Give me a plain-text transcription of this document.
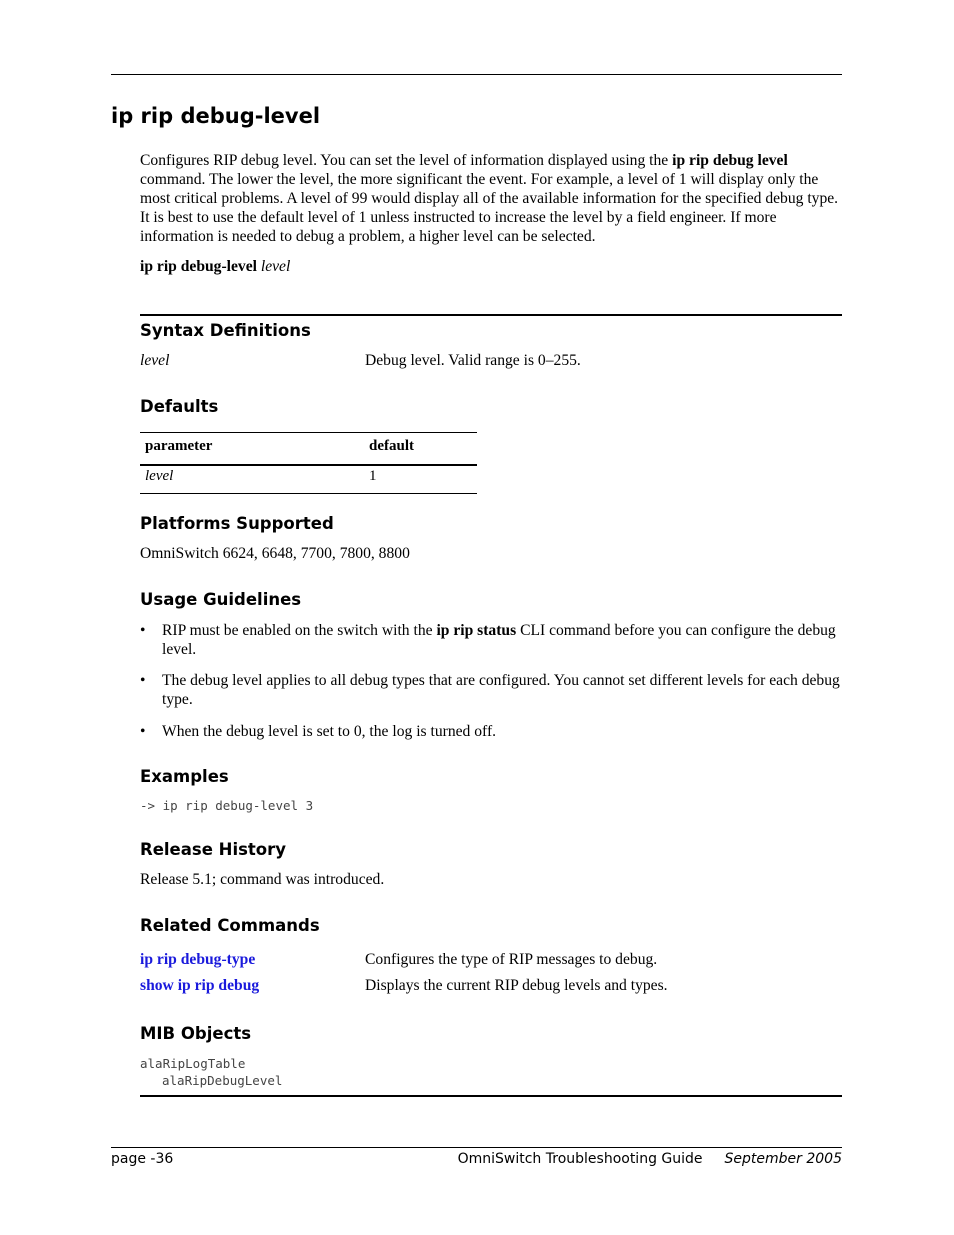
ip rip debug-level
Configures RIP debug level. You can set the level of information displayed using the ip rip debug level command. The lower the level, the more significant the event. For example, a level of 1 will display only the most critical problems. A level of 99 would display all of the available information for the specified debug type. It is best to use the default level of 1 unless instructed to increase the level by a field engineer. If more information is needed to debug a problem, a higher level can be selected.
ip rip debug-level level
Syntax Definitions
level	Debug level. Valid range is 0–255.
Defaults
parameter	default
level	1
Platforms Supported
OmniSwitch 6624, 6648, 7700, 7800, 8800
Usage Guidelines
• RIP must be enabled on the switch with the ip rip status CLI command before you can configure the debug level.
• The debug level applies to all debug types that are configured. You cannot set different levels for each debug type.
• When the debug level is set to 0, the log is turned off.
Examples
-> ip rip debug-level 3
Release History
Release 5.1; command was introduced.
Related Commands
ip rip debug-type	Configures the type of RIP messages to debug.
show ip rip debug	Displays the current RIP debug levels and types.
MIB Objects
alaRipLogTable
alaRipDebugLevel
page -36	OmniSwitch Troubleshooting Guide September 2005
